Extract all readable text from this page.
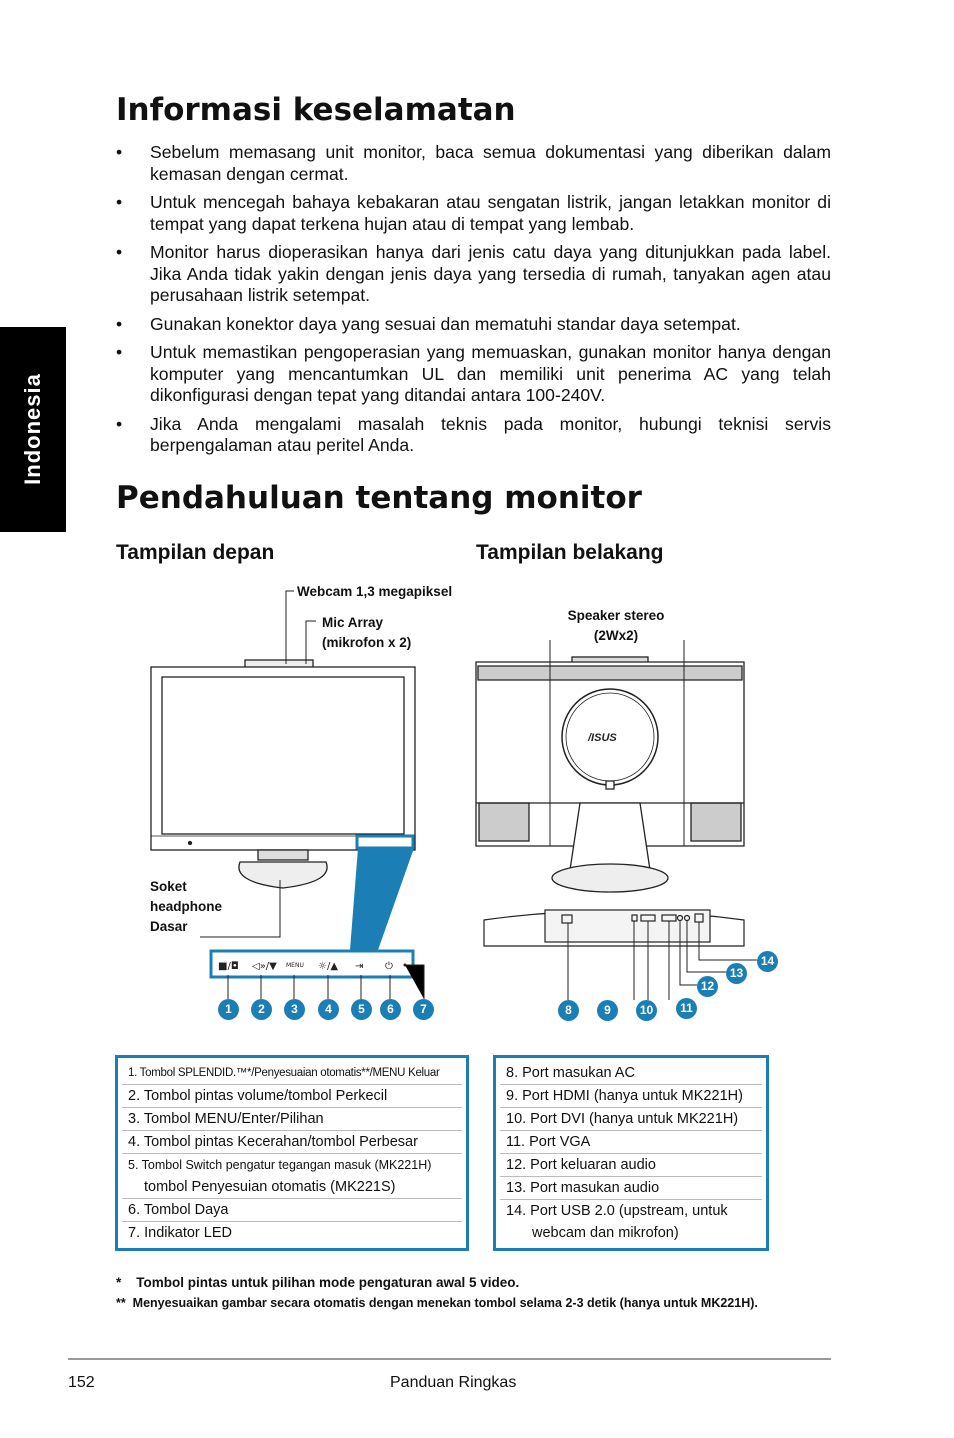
Indonesia
Informasi keselamatan
• Sebelum memasang unit monitor, baca semua dokumentasi yang diberikan dalam kemasan dengan cermat.
• Untuk mencegah bahaya kebakaran atau sengatan listrik, jangan letakkan monitor di tempat yang dapat terkena hujan atau di tempat yang lembab.
• Monitor harus dioperasikan hanya dari jenis catu daya yang ditunjukkan pada label. Jika Anda tidak yakin dengan jenis daya yang tersedia di rumah, tanyakan agen atau perusahaan listrik setempat.
• Gunakan konektor daya yang sesuai dan mematuhi standar daya setempat.
• Untuk memastikan pengoperasian yang memuaskan, gunakan monitor hanya dengan komputer yang mencantumkan UL dan memiliki unit penerima AC yang telah dikonfigurasi dengan tepat yang ditandai antara 100-240V.
• Jika Anda mengalami masalah teknis pada monitor, hubungi teknisi servis berpengalaman atau peritel Anda.
Pendahuluan tentang monitor
Tampilan depan	Tampilan belakang
■/◘ ◁»/▼ MENU ☼/▲ ⇥ ⏻
/ISUS
Webcam 1,3 megapiksel
Mic Array
(mikrofon x 2)
Speaker stereo
(2Wx2)
Soket
headphone
Dasar
1	2	3	4	5	6	7	8	9	10	11
12
13
14
1. Tombol SPLENDID.™*/Penyesuaian otomatis**/MENU Keluar
2. Tombol pintas volume/tombol Perkecil
3. Tombol MENU/Enter/Pilihan
4. Tombol pintas Kecerahan/tombol Perbesar
5. Tombol Switch pengatur tegangan masuk (MK221H)
tombol Penyesuian otomatis (MK221S)
6. Tombol Daya
7. Indikator LED
8. Port masukan AC
9. Port HDMI (hanya untuk MK221H)
10. Port DVI (hanya untuk MK221H)
11. Port VGA
12. Port keluaran audio
13. Port masukan audio
14. Port USB 2.0 (upstream, untuk
webcam dan mikrofon)
*    Tombol pintas untuk pilihan mode pengaturan awal 5 video.
**  Menyesuaikan gambar secara otomatis dengan menekan tombol selama 2-3 detik (hanya untuk MK221H).
152	Panduan Ringkas
